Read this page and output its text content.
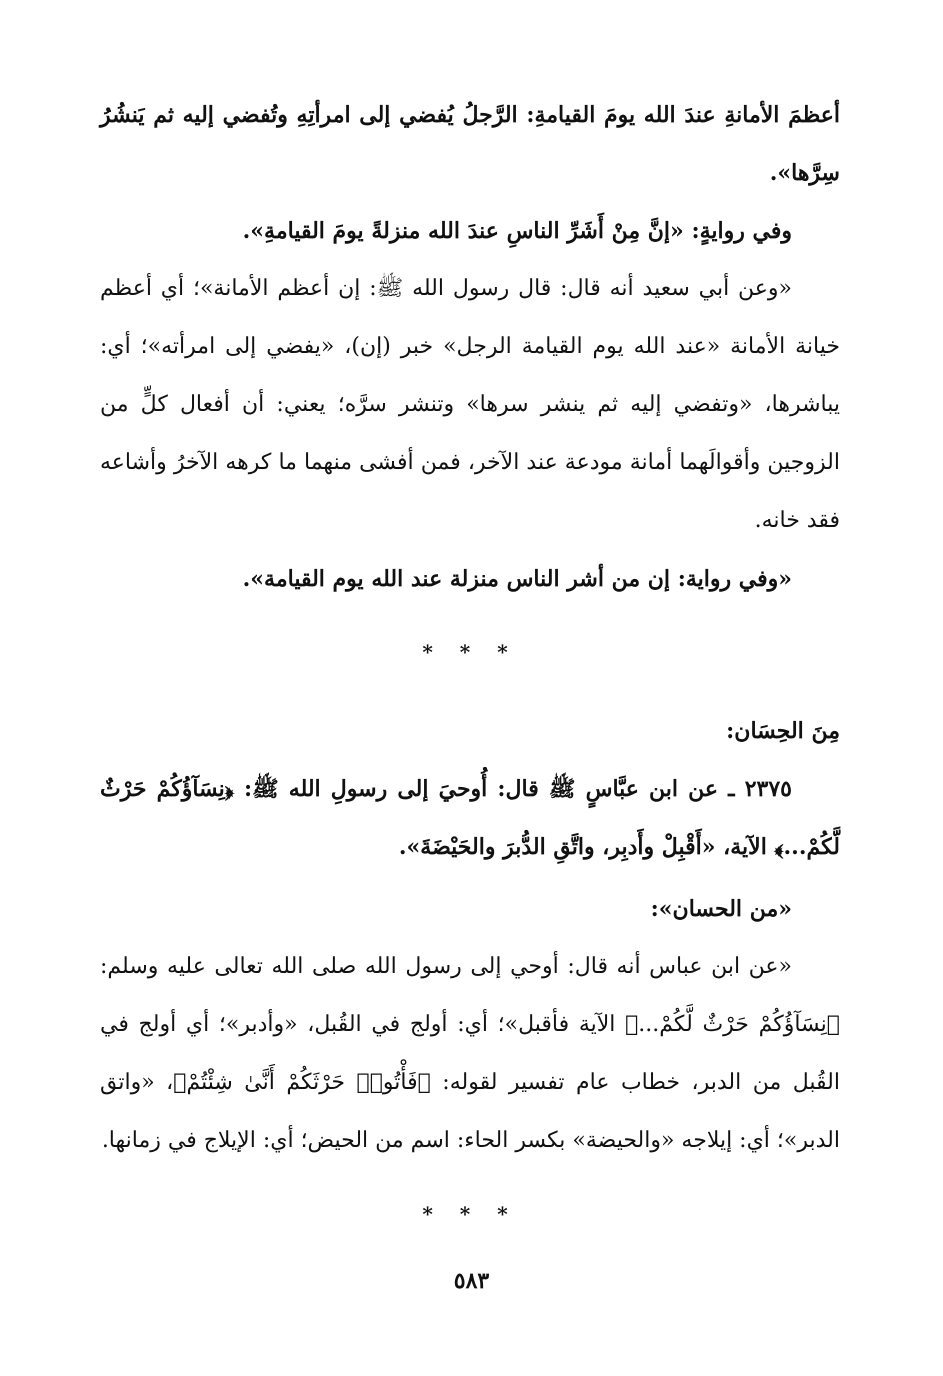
أعظمَ الأمانةِ عندَ الله يومَ القيامةِ: الرَّجلُ يُفضي إلى امرأتِهِ وتُفضي إليه ثم يَنشُرُ سِرَّها».

وفي روايةٍ: «إنَّ مِنْ أَشَرِّ الناسِ عندَ الله منزلةً يومَ القيامةِ».

«وعن أبي سعيد أنه قال: قال رسول الله ﷺ: إن أعظم الأمانة»؛ أي أعظم خيانة الأمانة «عند الله يوم القيامة الرجل» خبر (إن)، «يفضي إلى امرأته»؛ أي: يباشرها، «وتفضي إليه ثم ينشر سرها» وتنشر سرَّه؛ يعني: أن أفعال كلٍّ من الزوجين وأقوالَهما أمانة مودعة عند الآخر، فمن أفشى منهما ما كرهه الآخرُ وأشاعه فقد خانه.

«وفي رواية: إن من أشر الناس منزلة عند الله يوم القيامة».

* * *

مِنَ الحِسَان:

٢٣٧٥ ـ عن ابن عبَّاسٍ ﷺ قال: أُوحيَ إلى رسولِ الله ﷺ: ﴿نِسَآؤُكُمْ حَرْثٌ لَّكُمْ...﴾ الآية، «أَقْبِلْ وأَدبِر، واتَّقِ الدُّبرَ والحَيْضَةَ».

«من الحسان»:

«عن ابن عباس أنه قال: أوحي إلى رسول الله صلى الله تعالى عليه وسلم: ﴿نِسَآؤُكُمْ حَرْثٌ لَّكُمْ...﴾ الآية فأقبل»؛ أي: أولج في القُبل، «وأدبر»؛ أي أولج في القُبل من الدبر، خطاب عام تفسير لقوله: ﴿فَأْتُوا۟ حَرْثَكُمْ أَنَّىٰ شِئْتُمْ﴾، «واتق الدبر»؛ أي: إيلاجه «والحيضة» بكسر الحاء: اسم من الحيض؛ أي: الإيلاج في زمانها.

* * *
٥٨٣
